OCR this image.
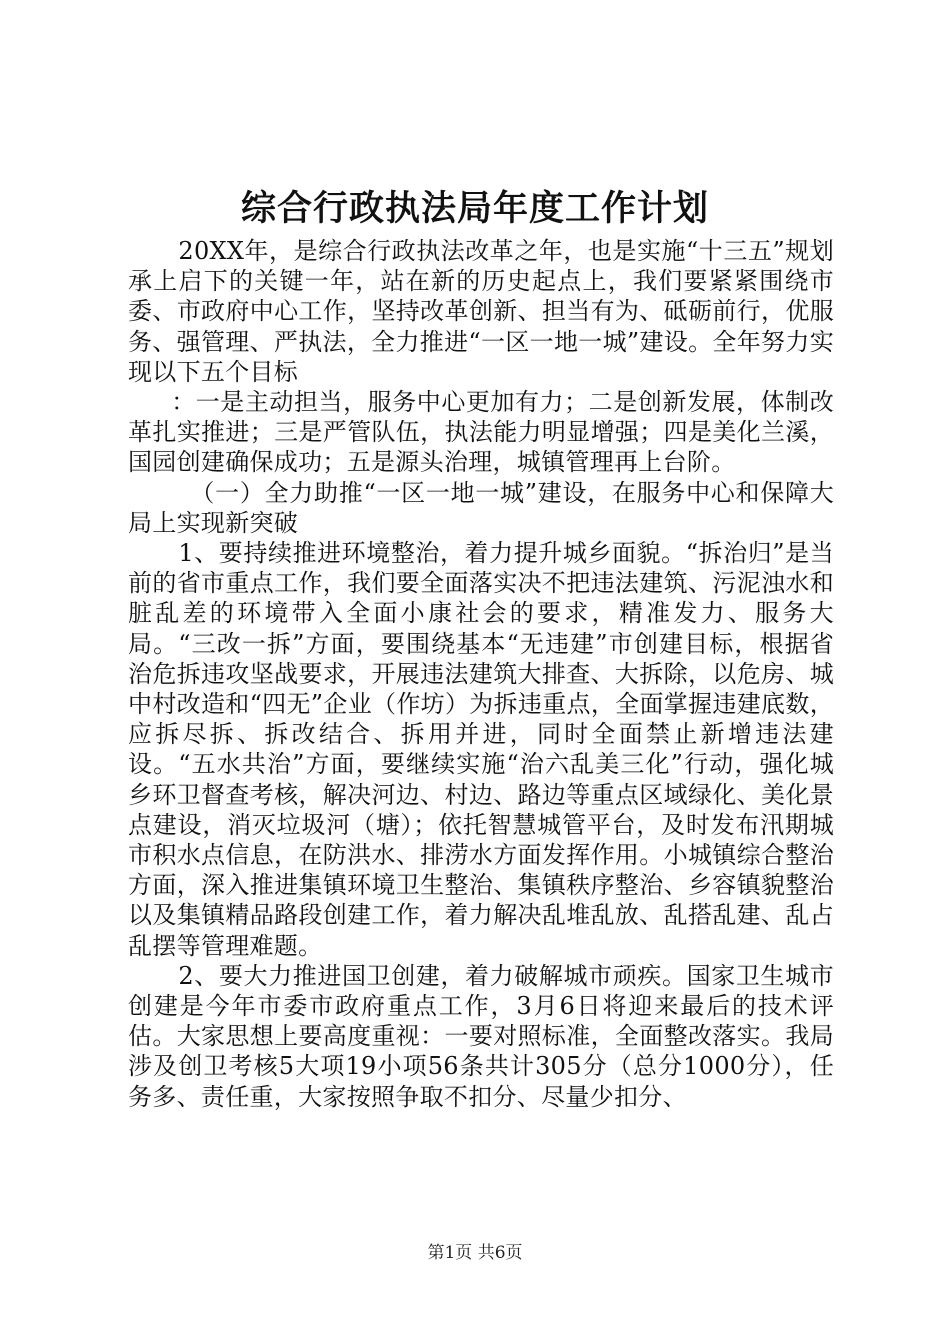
综合行政执法局年度工作计划

20XX年，是综合行政执法改革之年，也是实施“十三五”规划承上启下的关键一年，站在新的历史起点上，我们要紧紧围绕市委、市政府中心工作，坚持改革创新、担当有为、砥砺前行，优服务、强管理、严执法，全力推进“一区一地一城”建设。全年努力实现以下五个目标

：一是主动担当，服务中心更加有力；二是创新发展，体制改革扎实推进；三是严管队伍，执法能力明显增强；四是美化兰溪，国园创建确保成功；五是源头治理，城镇管理再上台阶。

（一）全力助推“一区一地一城”建设，在服务中心和保障大局上实现新突破

1、要持续推进环境整治，着力提升城乡面貌。“拆治归”是当前的省市重点工作，我们要全面落实决不把违法建筑、污泥浊水和脏乱差的环境带入全面小康社会的要求，精准发力、服务大局。“三改一拆”方面，要围绕基本“无违建”市创建目标，根据省治危拆违攻坚战要求，开展违法建筑大排查、大拆除，以危房、城中村改造和“四无”企业（作坊）为拆违重点，全面掌握违建底数，应拆尽拆、拆改结合、拆用并进，同时全面禁止新增违法建设。“五水共治”方面，要继续实施“治六乱美三化”行动，强化城乡环卫督查考核，解决河边、村边、路边等重点区域绿化、美化景点建设，消灭垃圾河（塘）；依托智慧城管平台，及时发布汛期城市积水点信息，在防洪水、排涝水方面发挥作用。小城镇综合整治方面，深入推进集镇环境卫生整治、集镇秩序整治、乡容镇貌整治以及集镇精品路段创建工作，着力解决乱堆乱放、乱搭乱建、乱占乱摆等管理难题。

2、要大力推进国卫创建，着力破解城市顽疾。国家卫生城市创建是今年市委市政府重点工作，3月6日将迎来最后的技术评估。大家思想上要高度重视：一要对照标准，全面整改落实。我局涉及创卫考核5大项19小项56条共计305分（总分1000分），任务多、责任重，大家按照争取不扣分、尽量少扣分、

第1页 共6页
